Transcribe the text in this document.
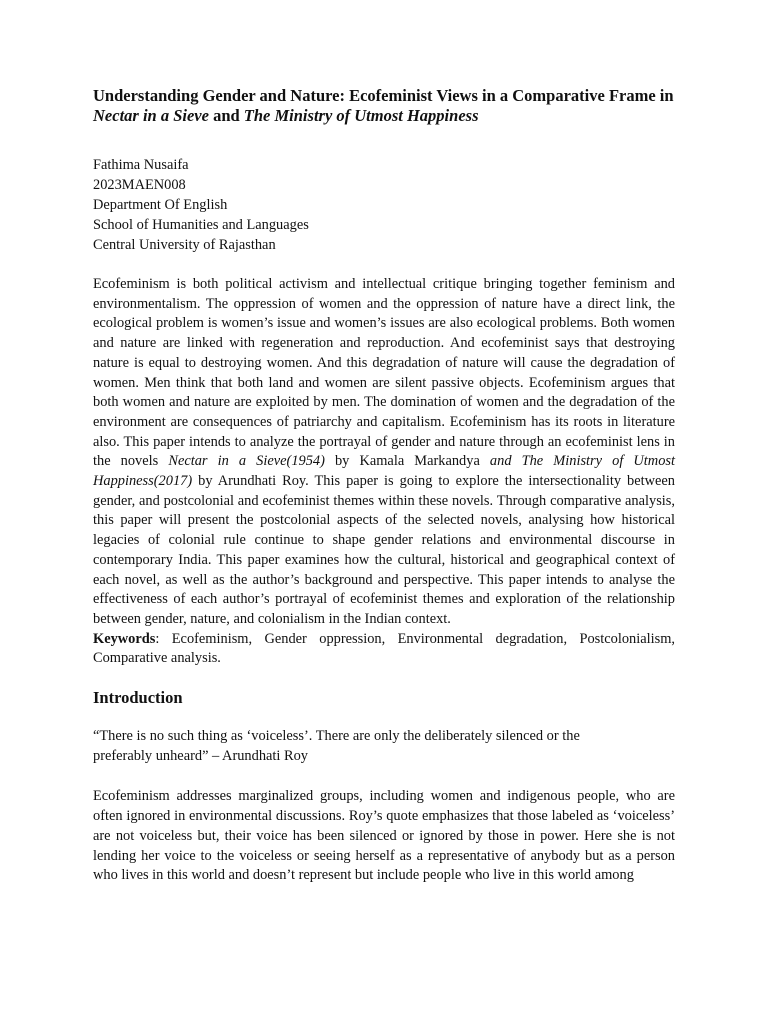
Understanding Gender and Nature: Ecofeminist Views in a Comparative Frame in Nectar in a Sieve and The Ministry of Utmost Happiness
Fathima Nusaifa
2023MAEN008
Department Of English
School of Humanities and Languages
Central University of Rajasthan

Ecofeminism is both political activism and intellectual critique bringing together feminism and environmentalism. The oppression of women and the oppression of nature have a direct link, the ecological problem is women’s issue and women’s issues are also ecological problems. Both women and nature are linked with regeneration and reproduction. And ecofeminist says that destroying nature is equal to destroying women. And this degradation of nature will cause the degradation of women. Men think that both land and women are silent passive objects. Ecofeminism argues that both women and nature are exploited by men. The domination of women and the degradation of the environment are consequences of patriarchy and capitalism. Ecofeminism has its roots in literature also. This paper intends to analyze the portrayal of gender and nature through an ecofeminist lens in the novels Nectar in a Sieve(1954) by Kamala Markandya and The Ministry of Utmost Happiness(2017) by Arundhati Roy. This paper is going to explore the intersectionality between gender, and postcolonial and ecofeminist themes within these novels. Through comparative analysis, this paper will present the postcolonial aspects of the selected novels, analysing how historical legacies of colonial rule continue to shape gender relations and environmental discourse in contemporary India. This paper examines how the cultural, historical and geographical context of each novel, as well as the author’s background and perspective. This paper intends to analyse the effectiveness of each author’s portrayal of ecofeminist themes and exploration of the relationship between gender, nature, and colonialism in the Indian context.

Keywords: Ecofeminism, Gender oppression, Environmental degradation, Postcolonialism, Comparative analysis.

Introduction
“There is no such thing as ‘voiceless’. There are only the deliberately silenced or the preferably unheard” – Arundhati Roy
Ecofeminism addresses marginalized groups, including women and indigenous people, who are often ignored in environmental discussions. Roy’s quote emphasizes that those labeled as ‘voiceless’ are not voiceless but, their voice has been silenced or ignored by those in power. Here she is not lending her voice to the voiceless or seeing herself as a representative of anybody but as a person who lives in this world and doesn’t represent but include people who live in this world among
